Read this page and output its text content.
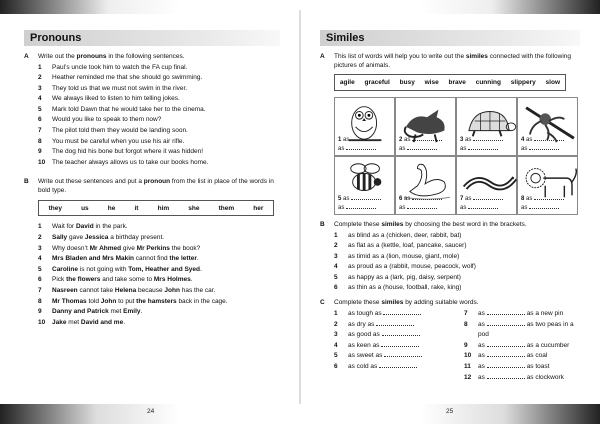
Pronouns
A	Write out the pronouns in the following sentences.
1	Paul’s uncle took him to watch the FA cup final.
2	Heather reminded me that she should go swimming.
3	They told us that we must not swim in the river.
4	We always liked to listen to him telling jokes.
5	Mark told Dawn that he would take her to the cinema.
6	Would you like to speak to them now?
7	The pilot told them they would be landing soon.
8	You must be careful when you use his air rifle.
9	The dog hid his bone but forgot where it was hidden!
10	The teacher always allows us to take our books home.
B	Write out these sentences and put a pronoun from the list in place of the words in bold type.
they	us	he	it	him	she	them	her
1	Wait for David in the park.
2	Sally gave Jessica a birthday present.
3	Why doesn’t Mr Ahmed give Mr Perkins the book?
4	Mrs Bladen and Mrs Makin cannot find the letter.
5	Caroline is not going with Tom, Heather and Syed.
6	Pick the flowers and take some to Mrs Holmes.
7	Nasreen cannot take Helena because John has the car.
8	Mr Thomas told John to put the hamsters back in the cage.
9	Danny and Patrick met Emily.
10	Jake met David and me.
Similes
A	This list of words will help you to write out the similes connected with the following pictures of animals.
agile graceful busy wise brave cunning slippery slow
1 as
as
2 as
as
3 as
as
4 as
as
5 as
as
6 as
as
7 as
as
8 as
as
B	Complete these similes by choosing the best word in the brackets.
1	as blind as a (chicken, deer, rabbit, bat)
2	as flat as a (kettle, loaf, pancake, saucer)
3	as timid as a (lion, mouse, giant, mole)
4	as proud as a (rabbit, mouse, peacock, wolf)
5	as happy as a (lark, pig, daisy, serpent)
6	as thin as a (house, football, rake, king)
C	Complete these similes by adding suitable words.
1	as tough as
2	as dry as
3	as good as
4	as keen as
5	as sweet as
6	as cold as
7	as	as a new pin
8	as	as two peas in a pod
9	as	as a cucumber
10	as	as coal
11	as	as toast
12	as	as clockwork
24	25
